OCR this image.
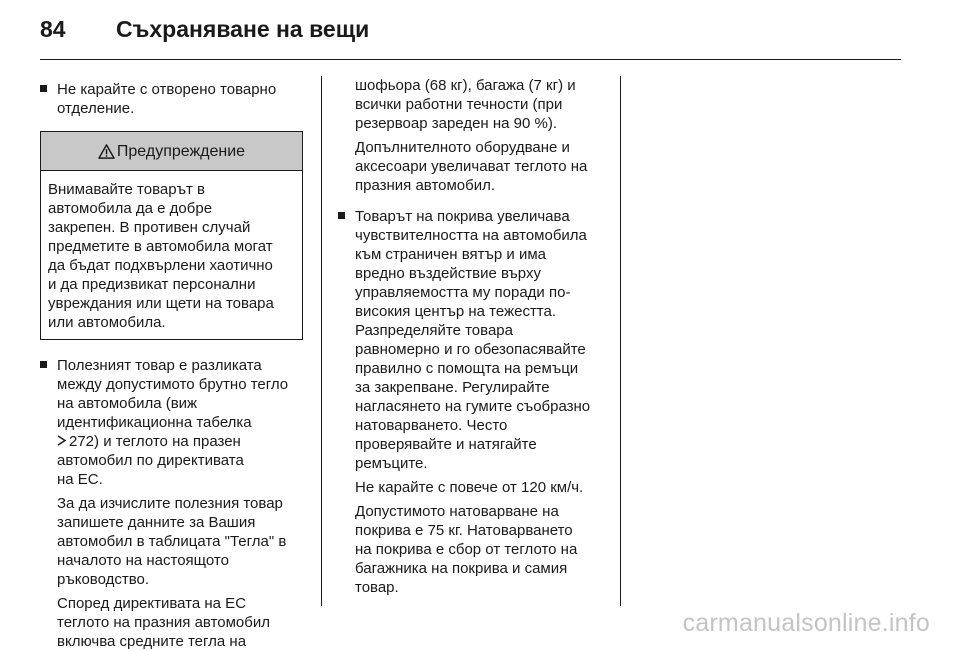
84	Съхраняване на вещи

Не карайте с отворено товарно

отделение.

Предупреждение

Внимавайте товарът в

автомобила да е добре

закрепен. В противен случай

предметите в автомобила могат

да бъдат подхвърлени хаотично

и да предизвикат персонални

увреждания или щети на товара

или автомобила.

Полезният товар е разликата

между допустимото брутно тегло

на автомобила (виж

идентификационна табелка

272) и теглото на празен

автомобил по директивата

на ЕС.

За да изчислите полезния товар

запишете данните за Вашия

автомобил в таблицата "Тегла" в

началото на настоящото

ръководство.

Според директивата на ЕС

теглото на празния автомобил

включва средните тегла на

шофьора (68 кг), багажа (7 кг) и

всички работни течности (при

резервоар зареден на 90 %).

Допълнителното оборудване и

аксесоари увеличават теглото на

празния автомобил.

Товарът на покрива увеличава

чувствителността на автомобила

към страничен вятър и има

вредно въздействие върху

управляемостта му поради по-

високия център на тежестта.

Разпределяйте товара

равномерно и го обезопасявайте

правилно с помощта на ремъци

за закрепване. Регулирайте

нагласянето на гумите съобразно

натоварването. Често

проверявайте и натягайте

ремъците.

Не карайте с повече от 120 км/ч.

Допустимото натоварване на

покрива е 75 кг. Натоварването

на покрива е сбор от теглото на

багажника на покрива и самия

товар.

carmanualsonline.info
